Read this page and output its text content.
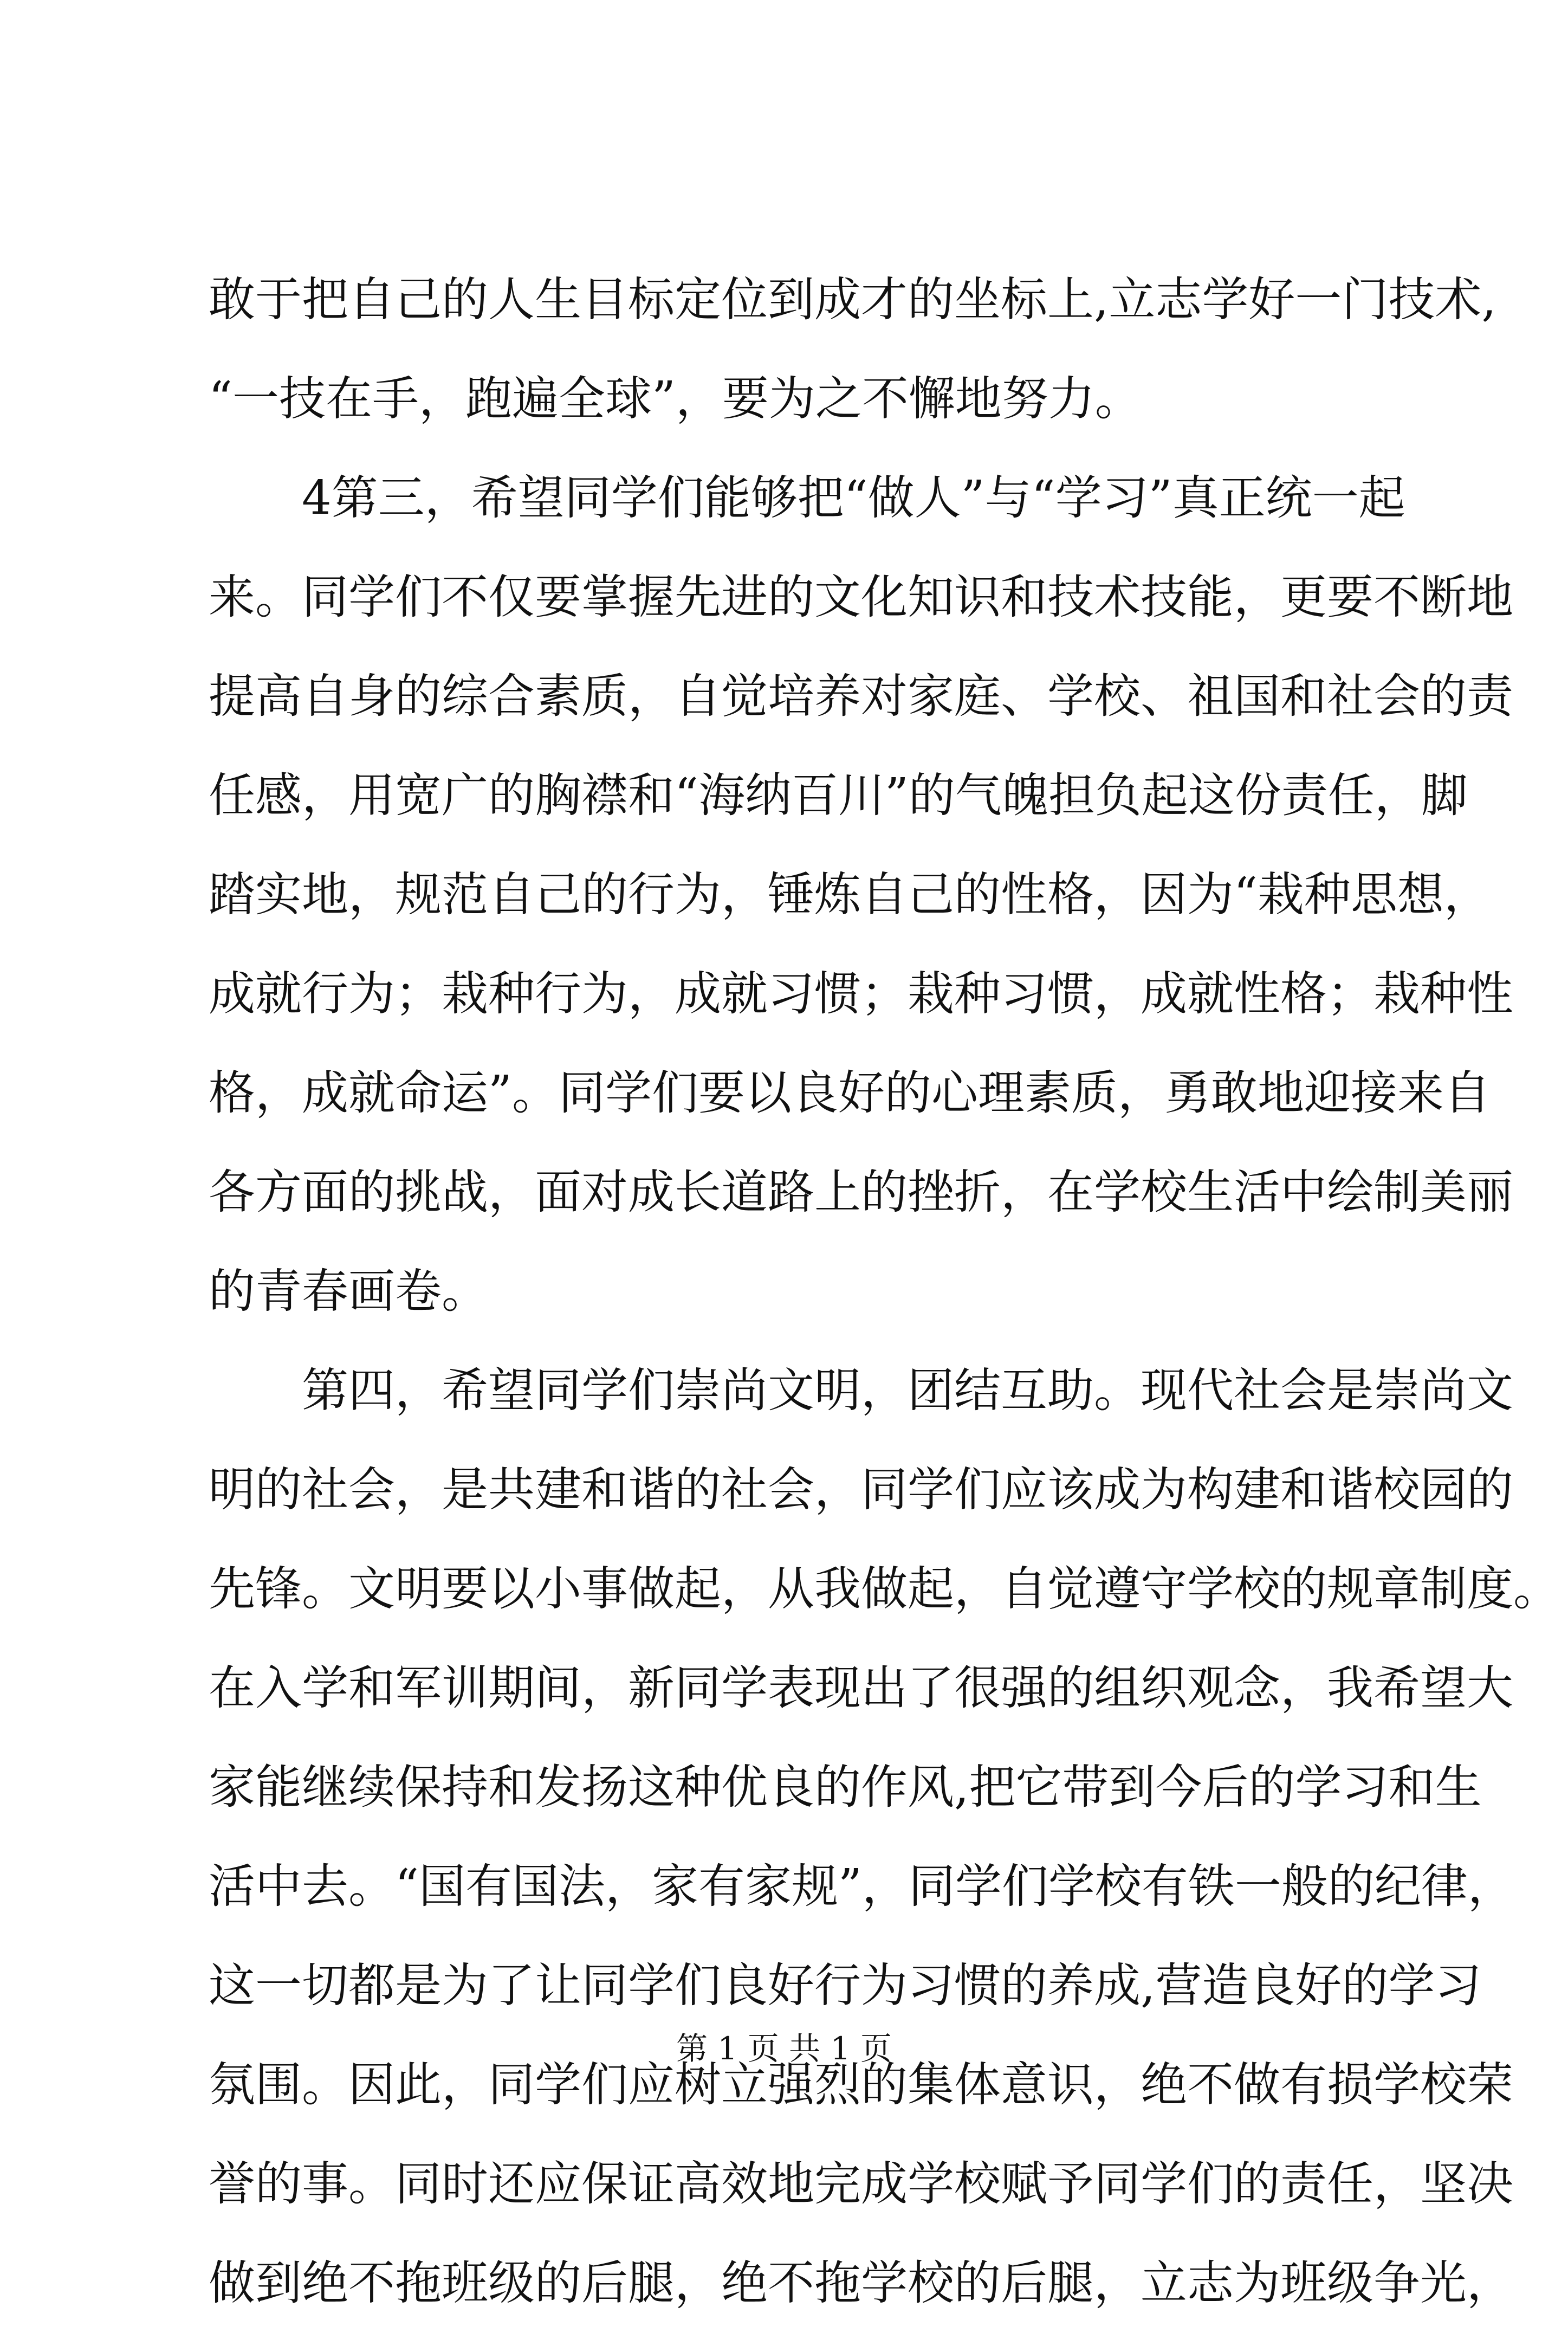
敢于把自己的人生目标定位到成才的坐标上,立志学好一门技术,
“一技在手，跑遍全球”，要为之不懈地努力。
4第三，希望同学们能够把“做人”与“学习”真正统一起
来。同学们不仅要掌握先进的文化知识和技术技能，更要不断地
提高自身的综合素质，自觉培养对家庭、学校、祖国和社会的责
任感，用宽广的胸襟和“海纳百川”的气魄担负起这份责任，脚
踏实地，规范自己的行为，锤炼自己的性格，因为“栽种思想，
成就行为；栽种行为，成就习惯；栽种习惯，成就性格；栽种性
格，成就命运”。同学们要以良好的心理素质，勇敢地迎接来自
各方面的挑战，面对成长道路上的挫折，在学校生活中绘制美丽
的青春画卷。
第四，希望同学们崇尚文明，团结互助。现代社会是崇尚文
明的社会，是共建和谐的社会，同学们应该成为构建和谐校园的
先锋。文明要以小事做起，从我做起，自觉遵守学校的规章制度。
在入学和军训期间，新同学表现出了很强的组织观念，我希望大
家能继续保持和发扬这种优良的作风,把它带到今后的学习和生
活中去。“国有国法，家有家规”，同学们学校有铁一般的纪律，
这一切都是为了让同学们良好行为习惯的养成,营造良好的学习
氛围。因此，同学们应树立强烈的集体意识，绝不做有损学校荣
誉的事。同时还应保证高效地完成学校赋予同学们的责任，坚决
做到绝不拖班级的后腿，绝不拖学校的后腿，立志为班级争光，
第 1 页 共 1 页
